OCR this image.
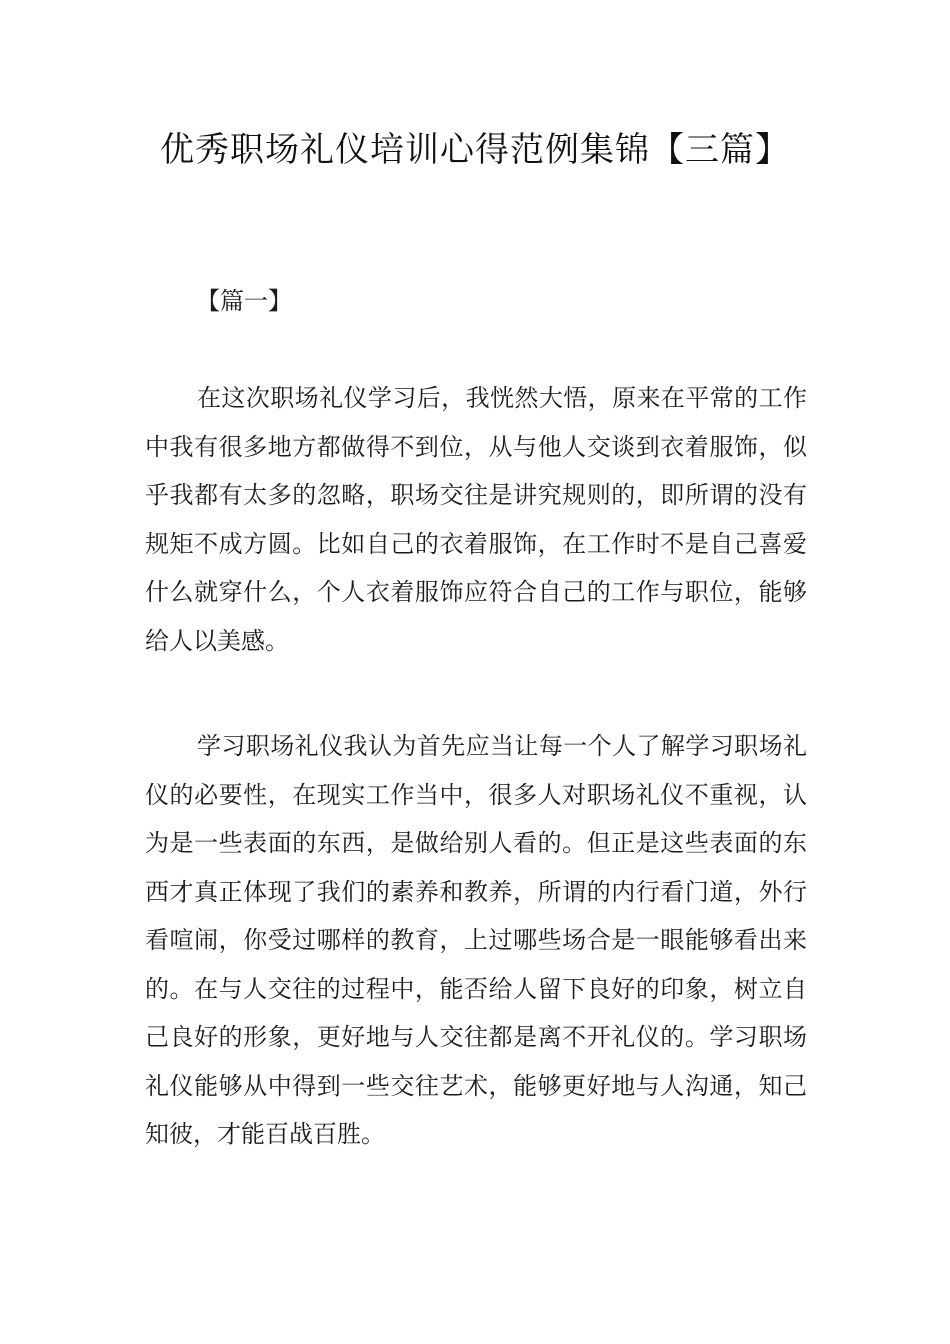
优秀职场礼仪培训心得范例集锦【三篇】
【篇一】

在这次职场礼仪学习后，我恍然大悟，原来在平常的工作中我有很多地方都做得不到位，从与他人交谈到衣着服饰，似乎我都有太多的忽略，职场交往是讲究规则的，即所谓的没有规矩不成方圆。比如自己的衣着服饰，在工作时不是自己喜爱什么就穿什么，个人衣着服饰应符合自己的工作与职位，能够给人以美感。

学习职场礼仪我认为首先应当让每一个人了解学习职场礼仪的必要性，在现实工作当中，很多人对职场礼仪不重视，认为是一些表面的东西，是做给别人看的。但正是这些表面的东西才真正体现了我们的素养和教养，所谓的内行看门道，外行看喧闹，你受过哪样的教育，上过哪些场合是一眼能够看出来的。在与人交往的过程中，能否给人留下良好的印象，树立自己良好的形象，更好地与人交往都是离不开礼仪的。学习职场礼仪能够从中得到一些交往艺术，能够更好地与人沟通，知己知彼，才能百战百胜。
